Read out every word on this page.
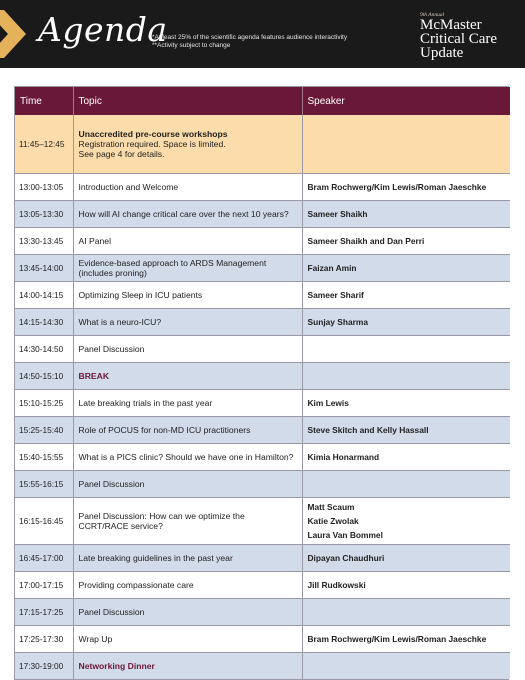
Agenda
*At least 25% of the scientific agenda features audience interactivity
**Activity subject to change
9th Annual
McMaster
Critical Care
Update
Time	Topic	Speaker
11:45–12:45	Unaccredited pre-course workshops
Registration required. Space is limited.
See page 4 for details.	

13:00-13:05	Introduction and Welcome	Bram Rochwerg/Kim Lewis/Roman Jaeschke
13:05-13:30	How will AI change critical care over the next 10 years?	Sameer Shaikh
13:30-13:45	AI Panel	Sameer Shaikh and Dan Perri
13:45-14:00	Evidence-based approach to ARDS Management (includes proning)	Faizan Amin
14:00-14:15	Optimizing Sleep in ICU patients	Sameer Sharif
14:15-14:30	What is a neuro-ICU?	Sunjay Sharma
14:30-14:50	Panel Discussion	
14:50-15:10	BREAK	
15:10-15:25	Late breaking trials in the past year	Kim Lewis
15:25-15:40	Role of POCUS for non-MD ICU practitioners	Steve Skitch and Kelly Hassall
15:40-15:55	What is a PICS clinic? Should we have one in Hamilton?	Kimia Honarmand
15:55-16:15	Panel Discussion	
16:15-16:45	Panel Discussion: How can we optimize the CCRT/RACE service?	Matt Scaum
Katie Zwolak
Laura Van Bommel

16:45-17:00	Late breaking guidelines in the past year	Dipayan Chaudhuri
17:00-17:15	Providing compassionate care	Jill Rudkowski
17:15-17:25	Panel Discussion	
17:25-17:30	Wrap Up	Bram Rochwerg/Kim Lewis/Roman Jaeschke
17:30-19:00	Networking Dinner	
